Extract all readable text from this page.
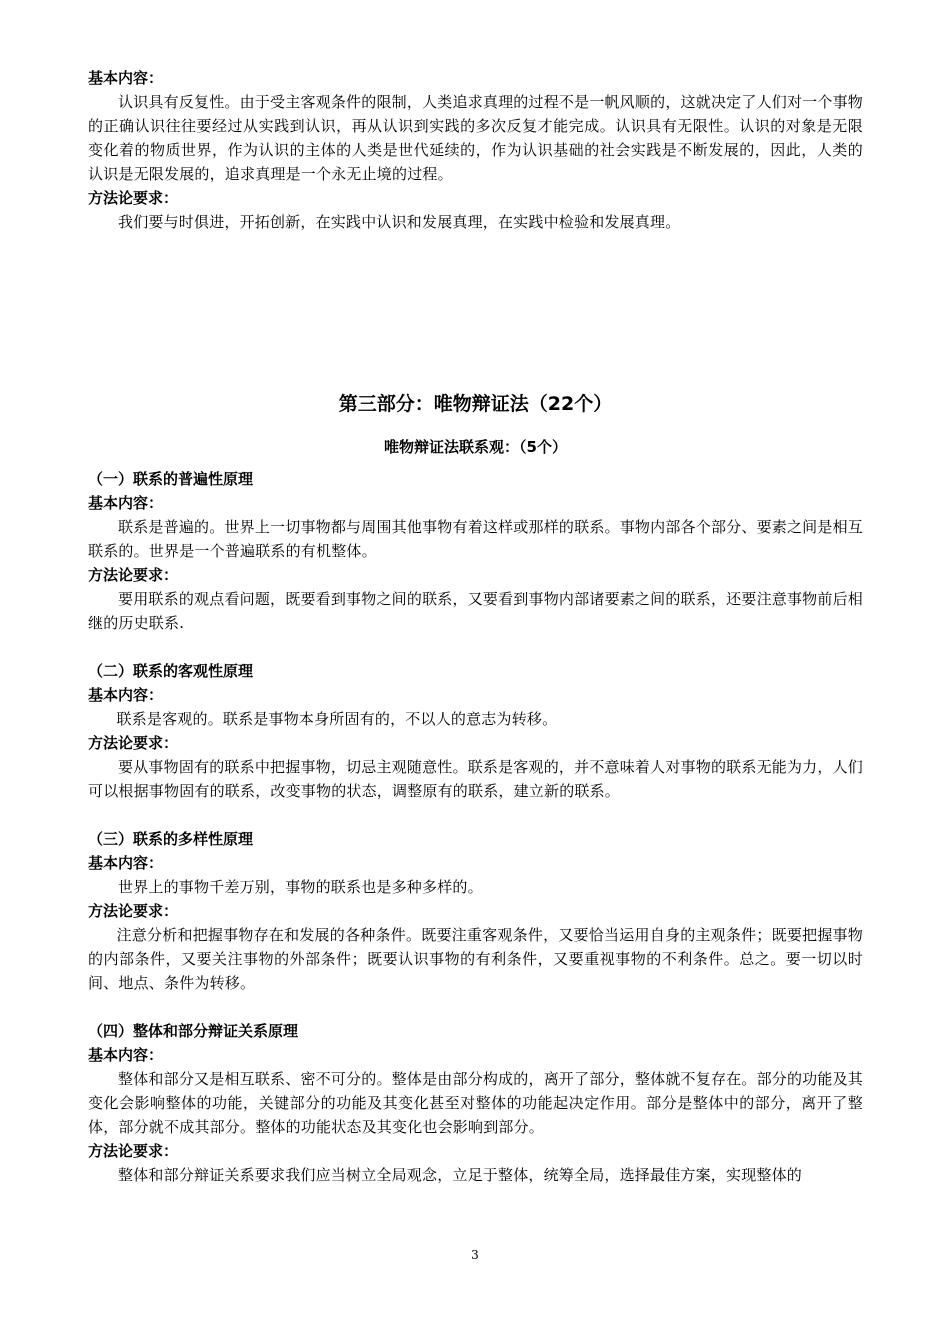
基本内容：

认识具有反复性。由于受主客观条件的限制，人类追求真理的过程不是一帆风顺的，这就决定了人们对一个事物的正确认识往往要经过从实践到认识，再从认识到实践的多次反复才能完成。认识具有无限性。认识的对象是无限变化着的物质世界，作为认识的主体的人类是世代延续的，作为认识基础的社会实践是不断发展的，因此，人类的认识是无限发展的，追求真理是一个永无止境的过程。

方法论要求：

我们要与时俱进，开拓创新，在实践中认识和发展真理，在实践中检验和发展真理。

第三部分：唯物辩证法（22个）
唯物辩证法联系观：（5个）

（一）联系的普遍性原理

基本内容：

联系是普遍的。世界上一切事物都与周围其他事物有着这样或那样的联系。事物内部各个部分、要素之间是相互联系的。世界是一个普遍联系的有机整体。

方法论要求：

要用联系的观点看问题，既要看到事物之间的联系，又要看到事物内部诸要素之间的联系，还要注意事物前后相继的历史联系.

（二）联系的客观性原理

基本内容：

联系是客观的。联系是事物本身所固有的，不以人的意志为转移。

方法论要求：

要从事物固有的联系中把握事物，切忌主观随意性。联系是客观的，并不意味着人对事物的联系无能为力，人们可以根据事物固有的联系，改变事物的状态，调整原有的联系，建立新的联系。

（三）联系的多样性原理

基本内容：

世界上的事物千差万别，事物的联系也是多种多样的。

方法论要求：

注意分析和把握事物存在和发展的各种条件。既要注重客观条件，又要恰当运用自身的主观条件；既要把握事物的内部条件，又要关注事物的外部条件；既要认识事物的有利条件，又要重视事物的不利条件。总之。要一切以时间、地点、条件为转移。

（四）整体和部分辩证关系原理

基本内容：

整体和部分又是相互联系、密不可分的。整体是由部分构成的，离开了部分，整体就不复存在。部分的功能及其变化会影响整体的功能，关键部分的功能及其变化甚至对整体的功能起决定作用。部分是整体中的部分，离开了整体，部分就不成其部分。整体的功能状态及其变化也会影响到部分。

方法论要求：

整体和部分辩证关系要求我们应当树立全局观念，立足于整体，统筹全局，选择最佳方案，实现整体的

3
